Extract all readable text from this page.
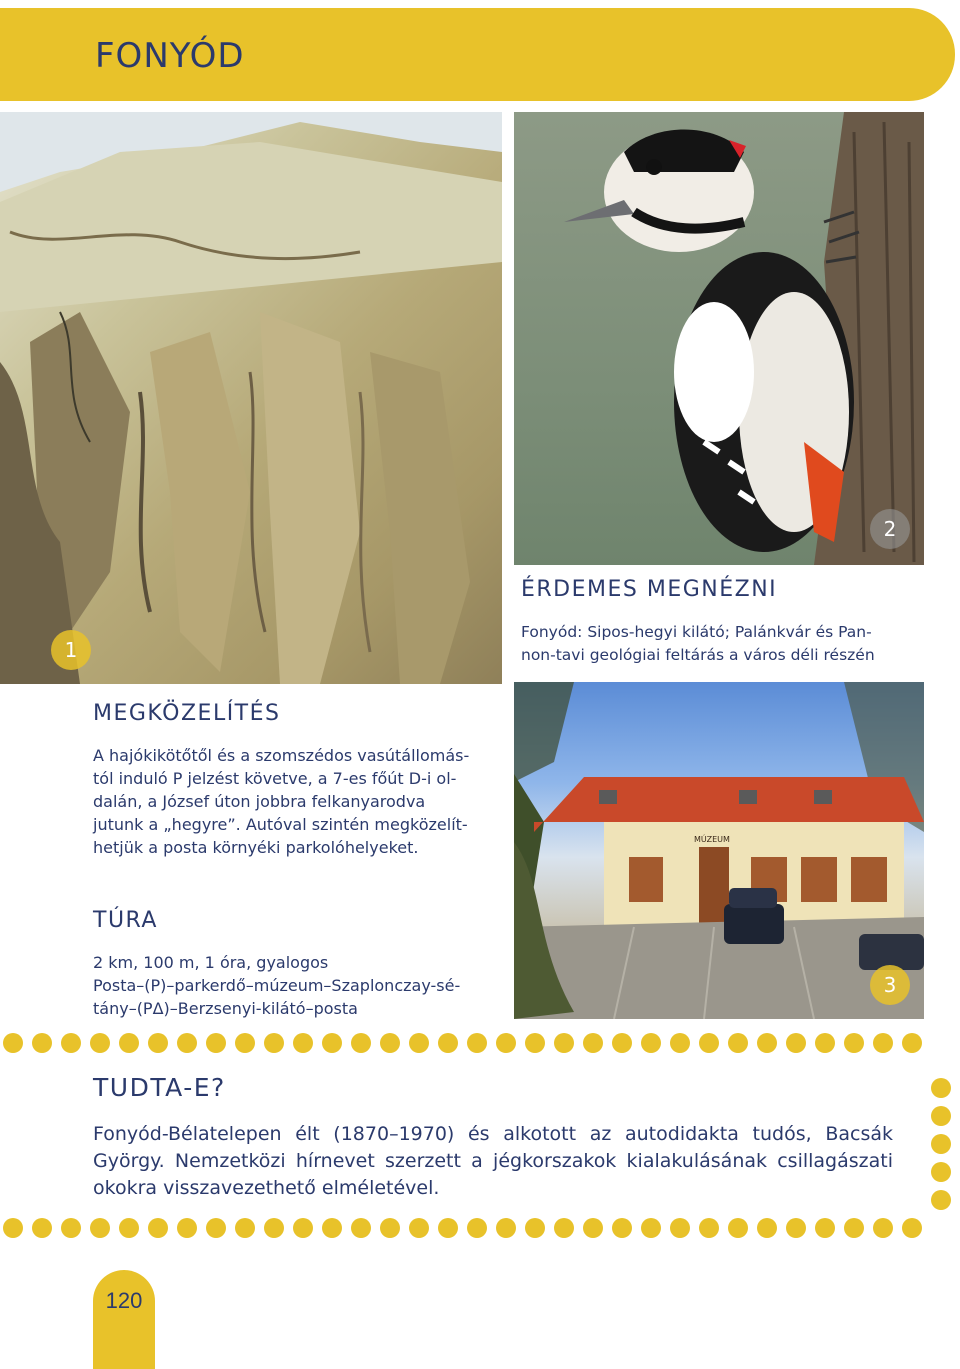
FONYÓD
1
2
MÚZEUM
3
ÉRDEMES MEGNÉZNI

Fonyód: Sipos-hegyi kilátó; Palánkvár és Pan-
non-tavi geológiai feltárás a város déli részén

MEGKÖZELÍTÉS

A hajókikötőtől és a szomszédos vasútállomás-
tól induló P jelzést követve, a 7-es főút D-i ol-
dalán, a József úton jobbra felkanyarodva
jutunk a „hegyre”. Autóval szintén megközelít-
hetjük a posta környéki parkolóhelyeket.

TÚRA

2 km, 100 m, 1 óra, gyalogos
Posta–(P)–parkerdő–múzeum–Szaplonczay-sé-
tány–(PΔ)–Berzsenyi-kilátó–posta

TUDTA-E?

Fonyód-Bélatelepen élt (1870–1970) és alkotott az autodidakta tudós, Bacsák György. Nemzetközi hírnevet szerzett a jégkorszakok kialakulásának csillagászati okokra visszavezethető elméletével.

120
